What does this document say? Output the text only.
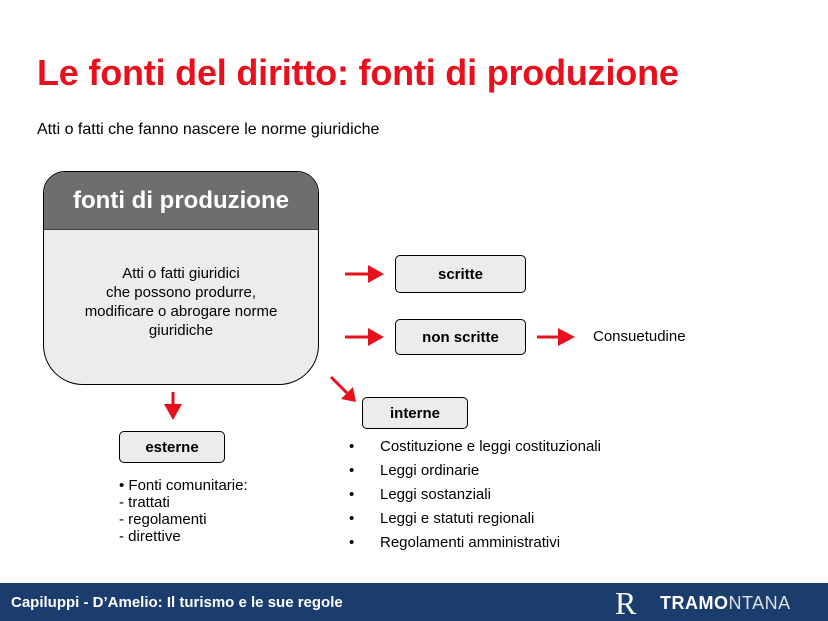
Le fonti del diritto: fonti di produzione
Atti o fatti che fanno nascere le norme giuridiche
fonti di produzione
Atti o fatti giuridici
che possono produrre,
modificare o abrogare norme
giuridiche
scritte
non scritte	Consuetudine
interne
esterne	•	Costituzione e leggi costituzionali
•	Leggi ordinarie
•	Leggi sostanziali
•	Leggi e statuti regionali
•	Regolamenti amministrativi
• Fonti comunitarie:
- trattati
- regolamenti
- direttive
Capiluppi - D’Amelio: Il turismo e le sue regole	R TRAMONTANA
